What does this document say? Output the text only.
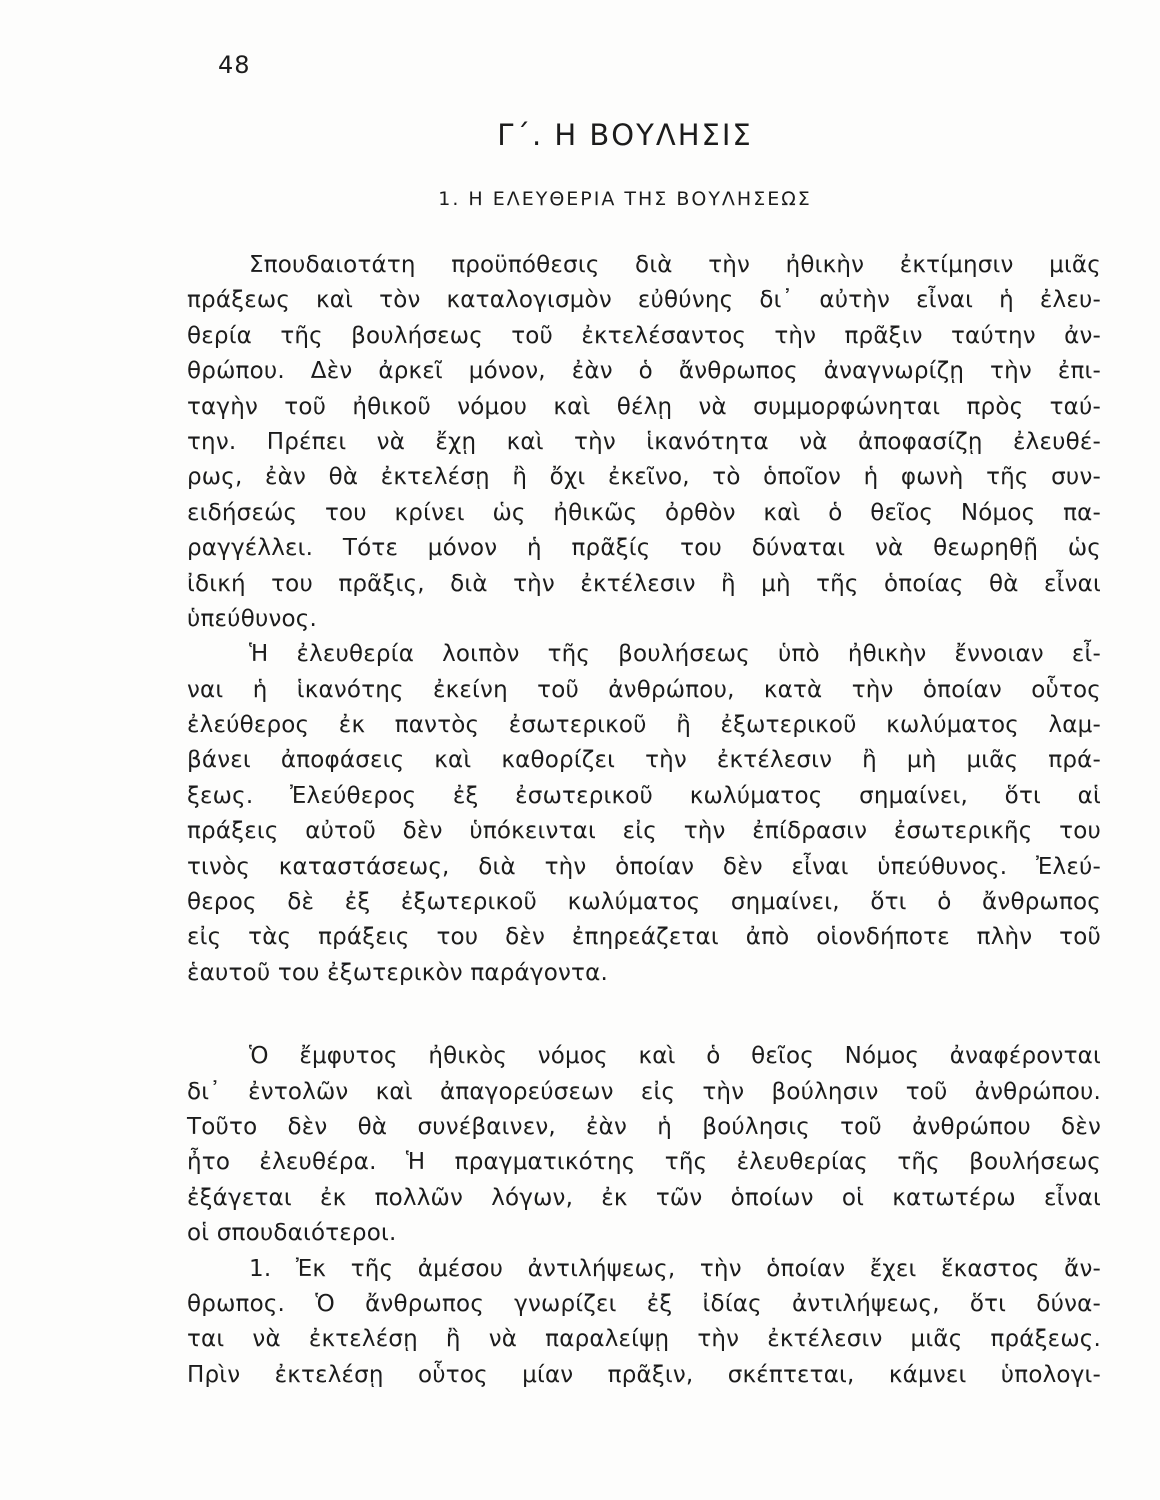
48
Γ΄. Η ΒΟΥΛΗΣΙΣ
1. Η ΕΛΕΥΘΕΡΙΑ ΤΗΣ ΒΟΥΛΗΣΕΩΣ
Σπουδαιοτάτη προϋπόθεσις διὰ τὴν ἠθικὴν ἐκτίμησιν μιᾶς
πράξεως καὶ τὸν καταλογισμὸν εὐθύνης δι᾽ αὐτὴν εἶναι ἡ ἐλευ-
θερία τῆς βουλήσεως τοῦ ἐκτελέσαντος τὴν πρᾶξιν ταύτην ἀν-
θρώπου. Δὲν ἀρκεῖ μόνον, ἐὰν ὁ ἄνθρωπος ἀναγνωρίζῃ τὴν ἐπι-
ταγὴν τοῦ ἠθικοῦ νόμου καὶ θέλῃ νὰ συμμορφώνηται πρὸς ταύ-
την. Πρέπει νὰ ἔχῃ καὶ τὴν ἱκανότητα νὰ ἀποφασίζῃ ἐλευθέ-
ρως, ἐὰν θὰ ἐκτελέσῃ ἢ ὄχι ἐκεῖνο, τὸ ὁποῖον ἡ φωνὴ τῆς συν-
ειδήσεώς του κρίνει ὡς ἠθικῶς ὀρθὸν καὶ ὁ θεῖος Νόμος πα-
ραγγέλλει. Τότε μόνον ἡ πρᾶξίς του δύναται νὰ θεωρηθῇ ὡς
ἰδική του πρᾶξις, διὰ τὴν ἐκτέλεσιν ἢ μὴ τῆς ὁποίας θὰ εἶναι
ὑπεύθυνος.
Ἡ ἐλευθερία λοιπὸν τῆς βουλήσεως ὑπὸ ἠθικὴν ἔννοιαν εἶ-
ναι ἡ ἱκανότης ἐκείνη τοῦ ἀνθρώπου, κατὰ τὴν ὁποίαν οὗτος
ἐλεύθερος ἐκ παντὸς ἐσωτερικοῦ ἢ ἐξωτερικοῦ κωλύματος λαμ-
βάνει ἀποφάσεις καὶ καθορίζει τὴν ἐκτέλεσιν ἢ μὴ μιᾶς πρά-
ξεως. Ἐλεύθερος ἐξ ἐσωτερικοῦ κωλύματος σημαίνει, ὅτι αἱ
πράξεις αὐτοῦ δὲν ὑπόκεινται εἰς τὴν ἐπίδρασιν ἐσωτερικῆς του
τινὸς καταστάσεως, διὰ τὴν ὁποίαν δὲν εἶναι ὑπεύθυνος. Ἐλεύ-
θερος δὲ ἐξ ἐξωτερικοῦ κωλύματος σημαίνει, ὅτι ὁ ἄνθρωπος
εἰς τὰς πράξεις του δὲν ἐπηρεάζεται ἀπὸ οἱονδήποτε πλὴν τοῦ
ἑαυτοῦ του ἐξωτερικὸν παράγοντα.
Ὁ ἔμφυτος ἠθικὸς νόμος καὶ ὁ θεῖος Νόμος ἀναφέρονται
δι᾽ ἐντολῶν καὶ ἀπαγορεύσεων εἰς τὴν βούλησιν τοῦ ἀνθρώπου.
Τοῦτο δὲν θὰ συνέβαινεν, ἐὰν ἡ βούλησις τοῦ ἀνθρώπου δὲν
ἦτο ἐλευθέρα. Ἡ πραγματικότης τῆς ἐλευθερίας τῆς βουλήσεως
ἐξάγεται ἐκ πολλῶν λόγων, ἐκ τῶν ὁποίων οἱ κατωτέρω εἶναι
οἱ σπουδαιότεροι.
1. Ἐκ τῆς ἀμέσου ἀντιλήψεως, τὴν ὁποίαν ἔχει ἕκαστος ἄν-
θρωπος. Ὁ ἄνθρωπος γνωρίζει ἐξ ἰδίας ἀντιλήψεως, ὅτι δύνα-
ται νὰ ἐκτελέσῃ ἢ νὰ παραλείψῃ τὴν ἐκτέλεσιν μιᾶς πράξεως.
Πρὶν ἐκτελέσῃ οὗτος μίαν πρᾶξιν, σκέπτεται, κάμνει ὑπολογι-
